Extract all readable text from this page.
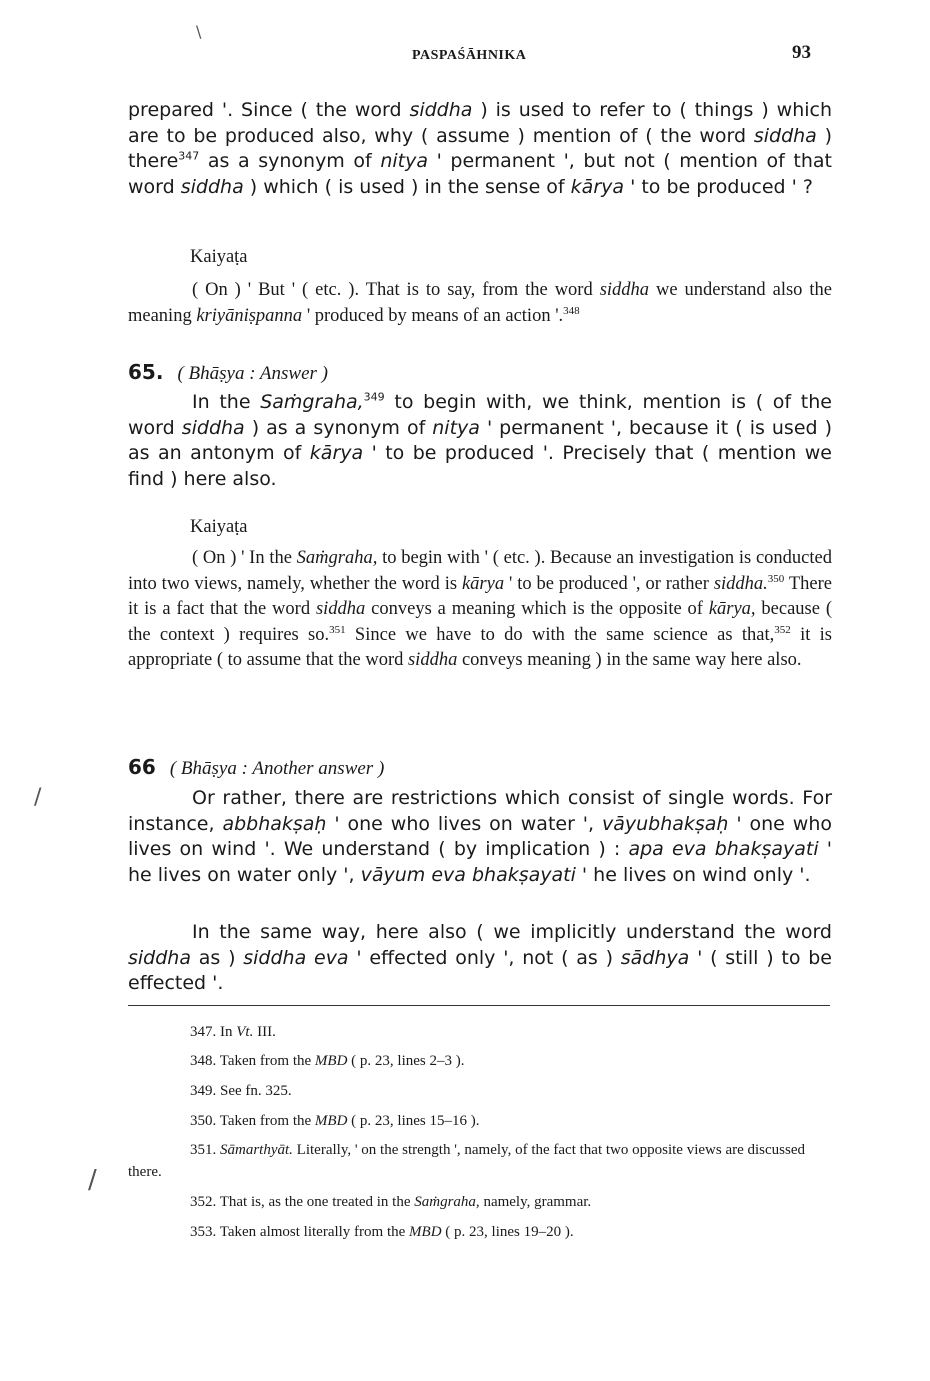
\
PASPAŚĀHNIKA	93
prepared '. Since ( the word siddha ) is used to refer to ( things ) which are to be produced also, why ( assume ) mention of ( the word siddha ) there$^{347}$ as a synonym of nitya ' permanent ', but not ( mention of that word siddha ) which ( is used ) in the sense of kārya ' to be produced ' ?
Kaiyaṭa
( On ) ' But ' ( etc. ). That is to say, from the word siddha we understand also the meaning kriyāniṣpanna ' produced by means of an action '.$^{348}$
65. ( Bhāṣya : Answer )
In the Saṁgraha,$^{349}$ to begin with, we think, mention is ( of the word siddha ) as a synonym of nitya ' permanent ', because it ( is used ) as an antonym of kārya ' to be produced '. Precisely that ( mention we find ) here also.
Kaiyaṭa
( On ) ' In the Saṁgraha, to begin with ' ( etc. ). Because an investigation is conducted into two views, namely, whether the word is kārya ' to be produced ', or rather siddha.$^{350}$ There it is a fact that the word siddha conveys a meaning which is the opposite of kārya, because ( the context ) requires so.$^{351}$ Since we have to do with the same science as that,$^{352}$ it is appropriate ( to assume that the word siddha conveys meaning ) in the same way here also.
66 ( Bhāṣya : Another answer )
Or rather, there are restrictions which consist of single words. For instance, abbhakṣaḥ ' one who lives on water ', vāyubhakṣaḥ ' one who lives on wind '. We understand ( by implication ) : apa eva bhakṣayati ' he lives on water only ', vāyum eva bhakṣayati ' he lives on wind only '.
In the same way, here also ( we implicitly understand the word siddha as ) siddha eva ' effected only ', not ( as ) sādhya ' ( still ) to be effected '.
347. In Vt. III.
348. Taken from the MBD ( p. 23, lines 2–3 ).
349. See fn. 325.
350. Taken from the MBD ( p. 23, lines 15–16 ).
351. Sāmarthyāt. Literally, ' on the strength ', namely, of the fact that two opposite views are discussed there.
352. That is, as the one treated in the Saṁgraha, namely, grammar.
353. Taken almost literally from the MBD ( p. 23, lines 19–20 ).
/
/
